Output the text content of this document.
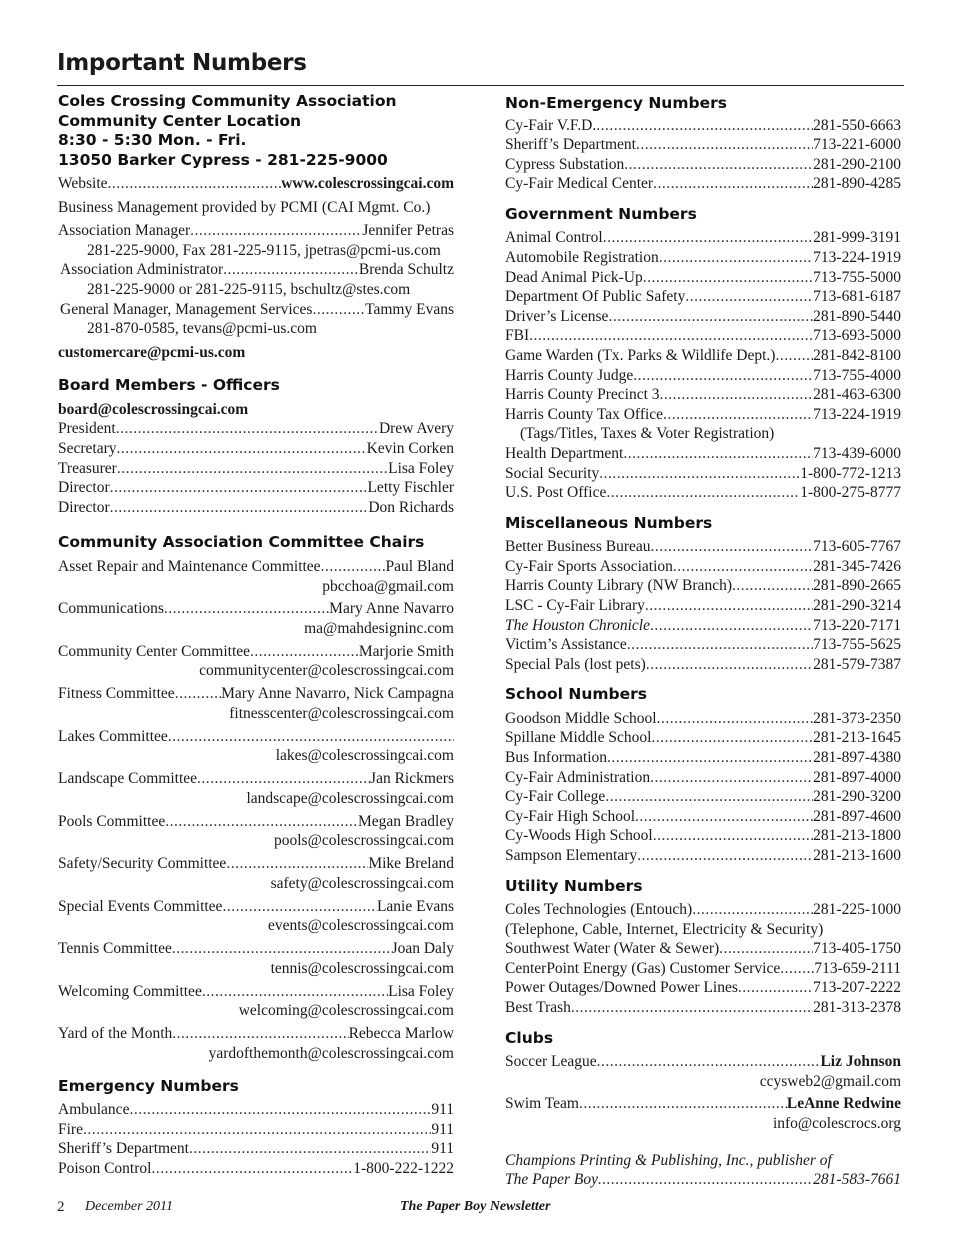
Important Numbers
Coles Crossing Community Association
Community Center Location
8:30 - 5:30 Mon. - Fri.
13050 Barker Cypress - 281-225-9000
Website .....	www.colescrossingcai.com
Business Management provided by PCMI (CAI Mgmt. Co.)
Association Manager .....	Jennifer Petras
281-225-9000, Fax 281-225-9115, jpetras@pcmi-us.com
Association Administrator .....	Brenda Schultz
281-225-9000 or 281-225-9115, bschultz@stes.com
General Manager, Management Services .....	Tammy Evans
281-870-0585, tevans@pcmi-us.com
customercare@pcmi-us.com
Board Members - Officers
board@colescrossingcai.com
President .....	Drew Avery
Secretary .....	Kevin Corken
Treasurer .....	Lisa Foley
Director .....	Letty Fischler
Director .....	Don Richards
Community Association Committee Chairs
Asset Repair and Maintenance Committee .....	Paul Bland
pbcchoa@gmail.com
Communications .....	Mary Anne Navarro
ma@mahdesigninc.com
Community Center Committee .....	Marjorie Smith
communitycenter@colescrossingcai.com
Fitness Committee .....	Mary Anne Navarro, Nick Campagna
fitnesscenter@colescrossingcai.com
Lakes Committee
.....
lakes@colescrossingcai.com
Landscape Committee .....	Jan Rickmers
landscape@colescrossingcai.com
Pools Committee .....	Megan Bradley
pools@colescrossingcai.com
Safety/Security Committee .....	Mike Breland
safety@colescrossingcai.com
Special Events Committee .....	Lanie Evans
events@colescrossingcai.com
Tennis Committee .....	Joan Daly
tennis@colescrossingcai.com
Welcoming Committee .....	Lisa Foley
welcoming@colescrossingcai.com
Yard of the Month .....	Rebecca Marlow
yardofthemonth@colescrossingcai.com
Emergency Numbers
Ambulance .....	911
Fire .....	911
Sheriff’s Department .....	911
Poison Control .....	1-800-222-1222
Non-Emergency Numbers
Cy-Fair V.F.D. .....	281-550-6663
Sheriff’s Department .....	713-221-6000
Cypress Substation .....	281-290-2100
Cy-Fair Medical Center .....	281-890-4285
Government Numbers
Animal Control .....	281-999-3191
Automobile Registration .....	713-224-1919
Dead Animal Pick-Up .....	713-755-5000
Department Of Public Safety .....	713-681-6187
Driver’s License .....	281-890-5440
FBI .....	713-693-5000
Game Warden (Tx. Parks & Wildlife Dept.) ..... 281-842-8100
Harris County Judge .....	713-755-4000
Harris County Precinct 3 .....	281-463-6300
Harris County Tax Office .....	713-224-1919
(Tags/Titles, Taxes & Voter Registration)
Health Department .....	713-439-6000
Social Security .....	1-800-772-1213
U.S. Post Office .....	1-800-275-8777
Miscellaneous Numbers
Better Business Bureau .....	713-605-7767
Cy-Fair Sports Association .....	281-345-7426
Harris County Library (NW Branch) .....	281-890-2665
LSC - Cy-Fair Library .....	281-290-3214
The Houston Chronicle .....	713-220-7171
Victim’s Assistance .....	713-755-5625
Special Pals (lost pets) .....	281-579-7387
School Numbers
Goodson Middle School .....	281-373-2350
Spillane Middle School .....	281-213-1645
Bus Information .....	281-897-4380
Cy-Fair Administration .....	281-897-4000
Cy-Fair College .....	281-290-3200
Cy-Fair High School .....	281-897-4600
Cy-Woods High School .....	281-213-1800
Sampson Elementary .....	281-213-1600
Utility Numbers
Coles Technologies (Entouch) .....	281-225-1000
(Telephone, Cable, Internet, Electricity & Security)
Southwest Water (Water & Sewer) .....	713-405-1750
CenterPoint Energy (Gas) Customer Service ..... 713-659-2111
Power Outages/Downed Power Lines .....	713-207-2222
Best Trash .....	281-313-2378
Clubs
Soccer League .....	Liz Johnson
ccysweb2@gmail.com
Swim Team .....	LeAnne Redwine
info@colescrocs.org
Champions Printing & Publishing, Inc., publisher of
The Paper Boy .....	281-583-7661
2 December 2011	The Paper Boy Newsletter
